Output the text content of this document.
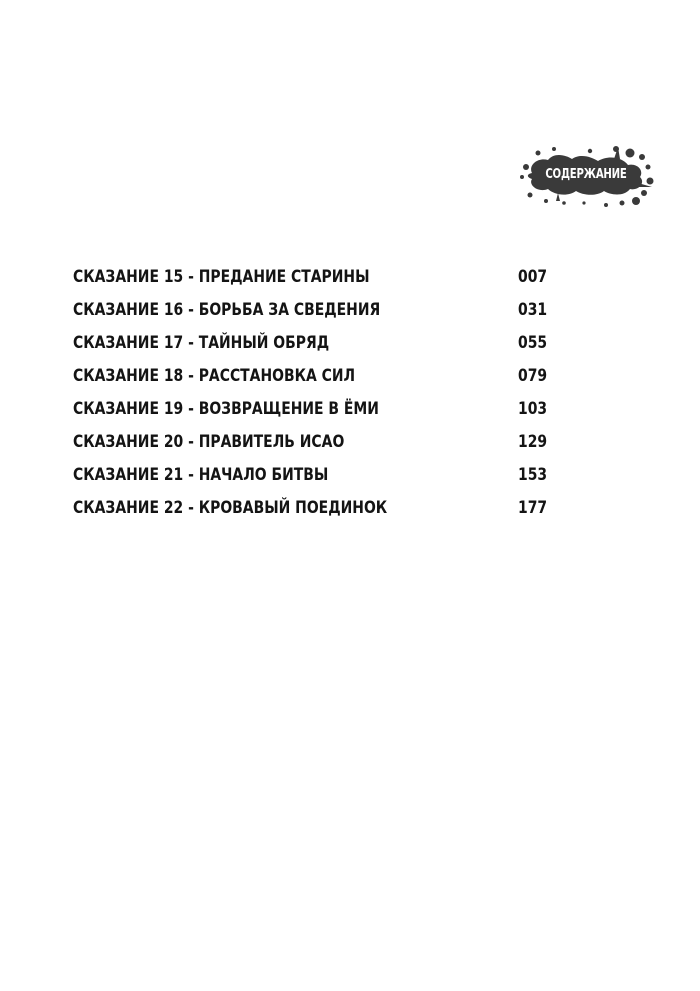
СОДЕРЖАНИЕ
СКАЗАНИЕ 15 - ПРЕДАНИЕ СТАРИНЫ	007
СКАЗАНИЕ 16 - БОРЬБА ЗА СВЕДЕНИЯ	031
СКАЗАНИЕ 17 - ТАЙНЫЙ ОБРЯД	055
СКАЗАНИЕ 18 - РАССТАНОВКА СИЛ	079
СКАЗАНИЕ 19 - ВОЗВРАЩЕНИЕ В ЁМИ	103
СКАЗАНИЕ 20 - ПРАВИТЕЛЬ ИСАО	129
СКАЗАНИЕ 21 - НАЧАЛО БИТВЫ	153
СКАЗАНИЕ 22 - КРОВАВЫЙ ПОЕДИНОК	177
